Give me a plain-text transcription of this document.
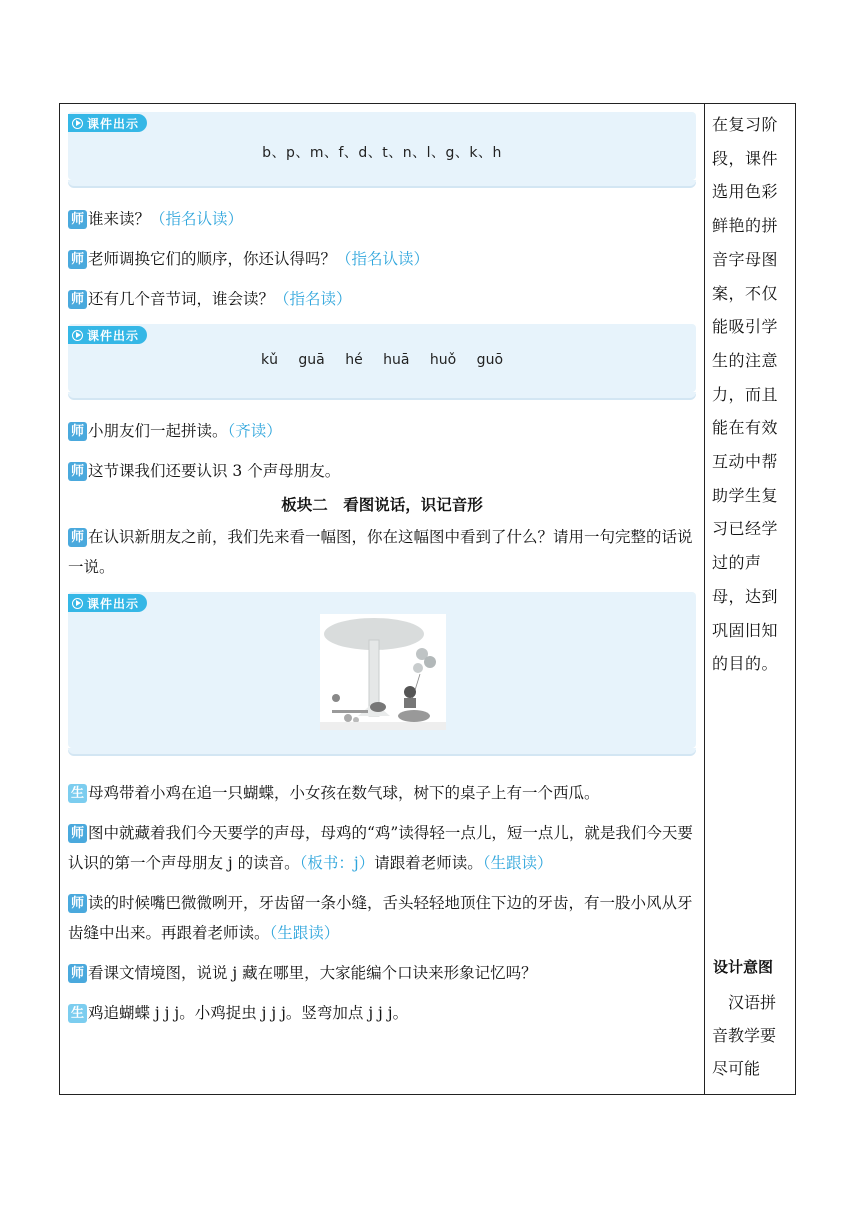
课件出示
b、p、m、f、d、t、n、l、g、k、h

师 谁来读？（指名认读）

师 老师调换它们的顺序，你还认得吗？（指名认读）

师 还有几个音节词，谁会读？（指名读）

课件出示
kǔ guā hé huā huǒ guō

师 小朋友们一起拼读。（齐读）

师 这节课我们还要认识 3 个声母朋友。

板块二　看图说话，识记音形

师 在认识新朋友之前，我们先来看一幅图，你在这幅图中看到了什么？请用一句完整的话说一说。

课件出示

生 母鸡带着小鸡在追一只蝴蝶，小女孩在数气球，树下的桌子上有一个西瓜。

师 图中就藏着我们今天要学的声母，母鸡的“鸡”读得轻一点儿，短一点儿，就是我们今天要认识的第一个声母朋友 j 的读音。（板书：j）请跟着老师读。（生跟读）

师 读的时候嘴巴微微咧开，牙齿留一条小缝，舌头轻轻地顶住下边的牙齿，有一股小风从牙齿缝中出来。再跟着老师读。（生跟读）

师 看课文情境图，说说 j 藏在哪里，大家能编个口诀来形象记忆吗？

生 鸡追蝴蝶 j j j。小鸡捉虫 j j j。竖弯加点 j j j。

在复习阶段，课件选用色彩鲜艳的拼音字母图案，不仅能吸引学生的注意力，而且能在有效互动中帮助学生复习已经学过的声母，达到巩固旧知的目的。
设计意图
　汉语拼音教学要尽可能
